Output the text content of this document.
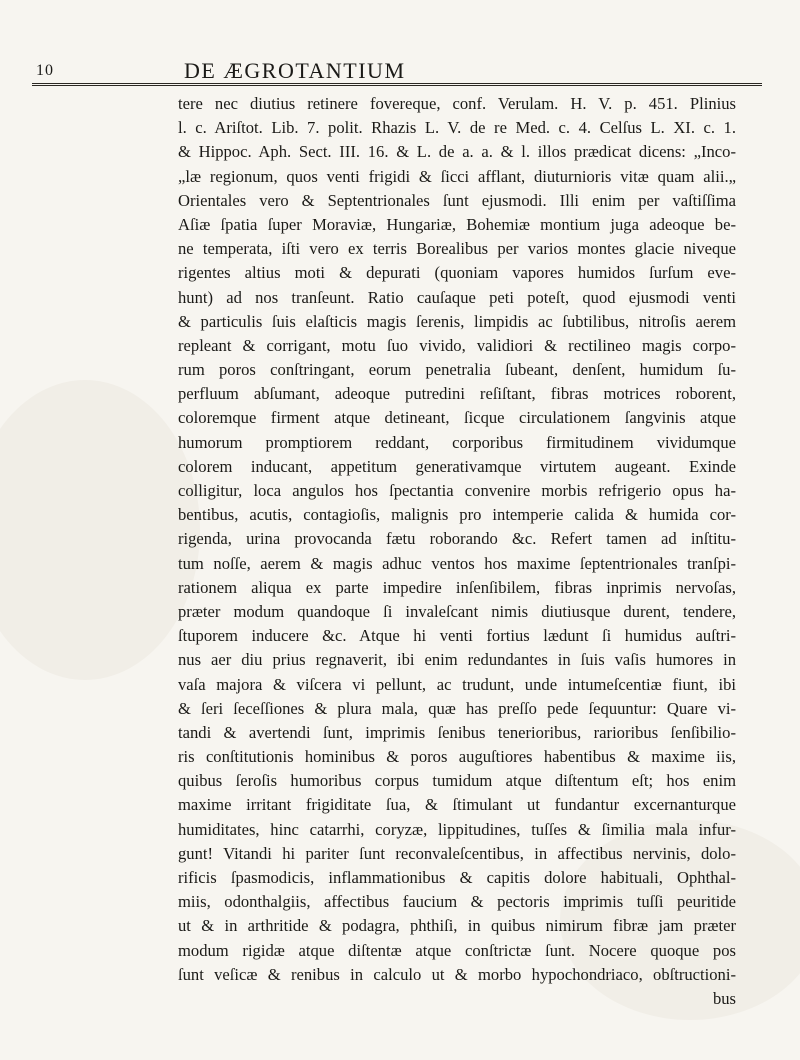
10	DE ÆGROTANTIUM
tere nec diutius retinere fovereque, conf. Verulam. H. V. p. 451. Plinius
l. c. Ariſtot. Lib. 7. polit. Rhazis L. V. de re Med. c. 4. Celſus L. XI. c. 1.
& Hippoc. Aph. Sect. III. 16. & L. de a. a. & l. illos prædicat dicens: „Inco-
„læ regionum, quos venti frigidi & ſicci afflant, diuturnioris vitæ quam alii.„
Orientales vero & Septentrionales ſunt ejusmodi. Illi enim per vaſtiſſima
Aſiæ ſpatia ſuper Moraviæ, Hungariæ, Bohemiæ montium juga adeoque be-
ne temperata, iſti vero ex terris Borealibus per varios montes glacie niveque
rigentes altius moti & depurati (quoniam vapores humidos ſurſum eve-
hunt) ad nos tranſeunt. Ratio cauſaque peti poteſt, quod ejusmodi venti
& particulis ſuis elaſticis magis ſerenis, limpidis ac ſubtilibus, nitroſis aerem
repleant & corrigant, motu ſuo vivido, validiori & rectilineo magis corpo-
rum poros conſtringant, eorum penetralia ſubeant, denſent, humidum ſu-
perfluum abſumant, adeoque putredini reſiſtant, fibras motrices roborent,
coloremque firment atque detineant, ſicque circulationem ſangvinis atque
humorum promptiorem reddant, corporibus firmitudinem vividumque
colorem inducant, appetitum generativamque virtutem augeant. Exinde
colligitur, loca angulos hos ſpectantia convenire morbis refrigerio opus ha-
bentibus, acutis, contagioſis, malignis pro intemperie calida & humida cor-
rigenda, urina provocanda fætu roborando &c. Refert tamen ad inſtitu-
tum noſſe, aerem & magis adhuc ventos hos maxime ſeptentrionales tranſpi-
rationem aliqua ex parte impedire inſenſibilem, fibras inprimis nervoſas,
præter modum quandoque ſi invaleſcant nimis diutiusque durent, tendere,
ſtuporem inducere &c. Atque hi venti fortius lædunt ſi humidus auſtri-
nus aer diu prius regnaverit, ibi enim redundantes in ſuis vaſis humores in
vaſa majora & viſcera vi pellunt, ac trudunt, unde intumeſcentiæ fiunt, ibi
& ſeri ſeceſſiones & plura mala, quæ has preſſo pede ſequuntur: Quare vi-
tandi & avertendi ſunt, imprimis ſenibus tenerioribus, rarioribus ſenſibilio-
ris conſtitutionis hominibus & poros auguſtiores habentibus & maxime iis,
quibus ſeroſis humoribus corpus tumidum atque diſtentum eſt; hos enim
maxime irritant frigiditate ſua, & ſtimulant ut fundantur excernanturque
humiditates, hinc catarrhi, coryzæ, lippitudines, tuſſes & ſimilia mala infur-
gunt! Vitandi hi pariter ſunt reconvaleſcentibus, in affectibus nervinis, dolo-
rificis ſpasmodicis, inflammationibus & capitis dolore habituali, Ophthal-
miis, odonthalgiis, affectibus faucium & pectoris imprimis tuſſi peuritide
ut & in arthritide & podagra, phthiſi, in quibus nimirum fibræ jam præter
modum rigidæ atque diſtentæ atque conſtrictæ ſunt. Nocere quoque pos
ſunt veſicæ & renibus in calculo ut & morbo hypochondriaco, obſtructioni-
bus
